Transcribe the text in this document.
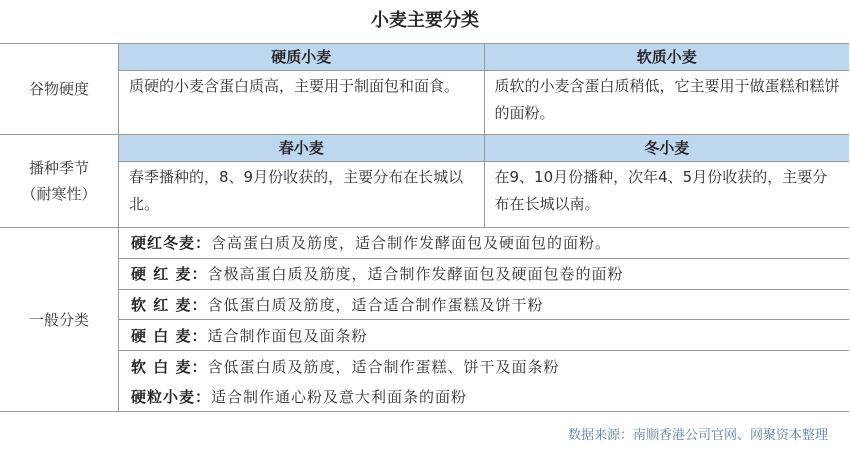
小麦主要分类
谷物硬度
硬质小麦
质硬的小麦含蛋白质高，主要用于制面包和面食。
软质小麦
质软的小麦含蛋白质稍低，它主要用于做蛋糕和糕饼的面粉。
播种季节
（耐寒性）
春小麦
春季播种的，8、9月份收获的，主要分布在长城以北。
冬小麦
在9、10月份播种，次年4、5月份收获的，主要分布在长城以南。
一般分类
硬红冬麦： 含高蛋白质及筋度，适合制作发酵面包及硬面包的面粉。
硬 红 麦： 含极高蛋白质及筋度，适合制作发酵面包及硬面包卷的面粉
软 红 麦： 含低蛋白质及筋度，适合适合制作蛋糕及饼干粉
硬 白 麦： 适合制作面包及面条粉
软 白 麦： 含低蛋白质及筋度，适合制作蛋糕、饼干及面条粉
硬粒小麦： 适合制作通心粉及意大利面条的面粉
数据来源：南顺香港公司官网、网聚资本整理
